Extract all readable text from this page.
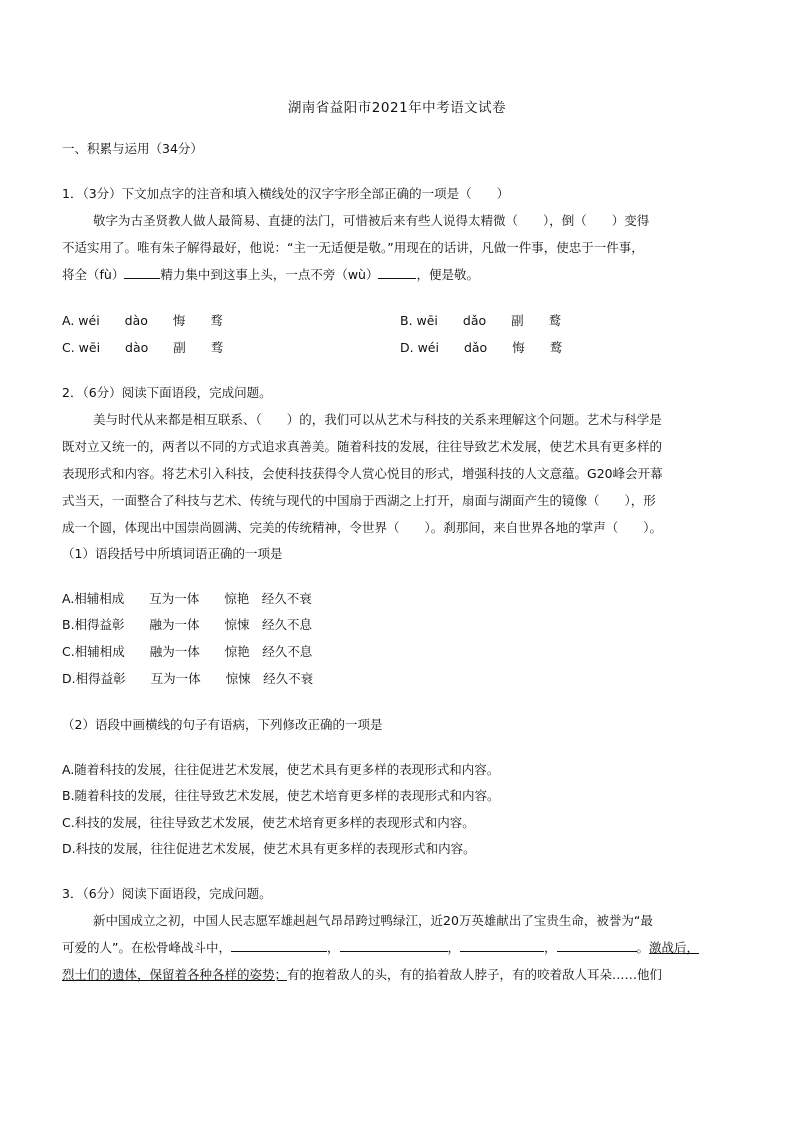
湖南省益阳市2021年中考语文试卷
一、积累与运用（34分）
1．（3分）下文加点字的注音和填入横线处的汉字字形全部正确的一项是（　　）
敬字为古圣贤教人做人最简易、直捷的法门，可惜被后来有些人说得太精微（　　），倒（　　）变得
不适实用了。唯有朱子解得最好，他说：“主一无适便是敬。”用现在的话讲，凡做一件事，使忠于一件事，
将全（fù）	精力集中到这事上头，一点不旁（wù）	，便是敬。
A. wéi　　dào　　悔　　骛	B. wēi　　dǎo　　副　　鹜
C. wēi　　dào　　副　　骛	D. wéi　　dǎo　　悔　　鹜
2．（6分）阅读下面语段，完成问题。
美与时代从来都是相互联系、（　　）的，我们可以从艺术与科技的关系来理解这个问题。艺术与科学是
既对立又统一的，两者以不同的方式追求真善美。随着科技的发展，往往导致艺术发展，使艺术具有更多样的
表现形式和内容。将艺术引入科技，会使科技获得令人赏心悦目的形式，增强科技的人文意蕴。G20峰会开幕
式当天，一面整合了科技与艺术、传统与现代的中国扇于西湖之上打开，扇面与湖面产生的镜像（　　），形
成一个圆，体现出中国崇尚圆满、完美的传统精神，令世界（　　）。刹那间，来自世界各地的掌声（　　）。
（1）语段括号中所填词语正确的一项是
A.相辅相成　　互为一体　　惊艳　经久不衰
B.相得益彰　　融为一体　　惊悚　经久不息
C.相辅相成　　融为一体　　惊艳　经久不息
D.相得益彰　　互为一体　　惊悚　经久不衰
（2）语段中画横线的句子有语病，下列修改正确的一项是
A.随着科技的发展，往往促进艺术发展，使艺术具有更多样的表现形式和内容。
B.随着科技的发展，往往导致艺术发展，使艺术培育更多样的表现形式和内容。
C.科技的发展，往往导致艺术发展，使艺术培育更多样的表现形式和内容。
D.科技的发展，往往促进艺术发展，使艺术具有更多样的表现形式和内容。
3．（6分）阅读下面语段，完成问题。
新中国成立之初，中国人民志愿军雄赳赳气昂昂跨过鸭绿江，近20万英雄献出了宝贵生命，被誉为“最
可爱的人”。在松骨峰战斗中，	，	，	，	。激战后，
烈士们的遗体，保留着各种各样的姿势；有的抱着敌人的头，有的掐着敌人脖子，有的咬着敌人耳朵……他们
